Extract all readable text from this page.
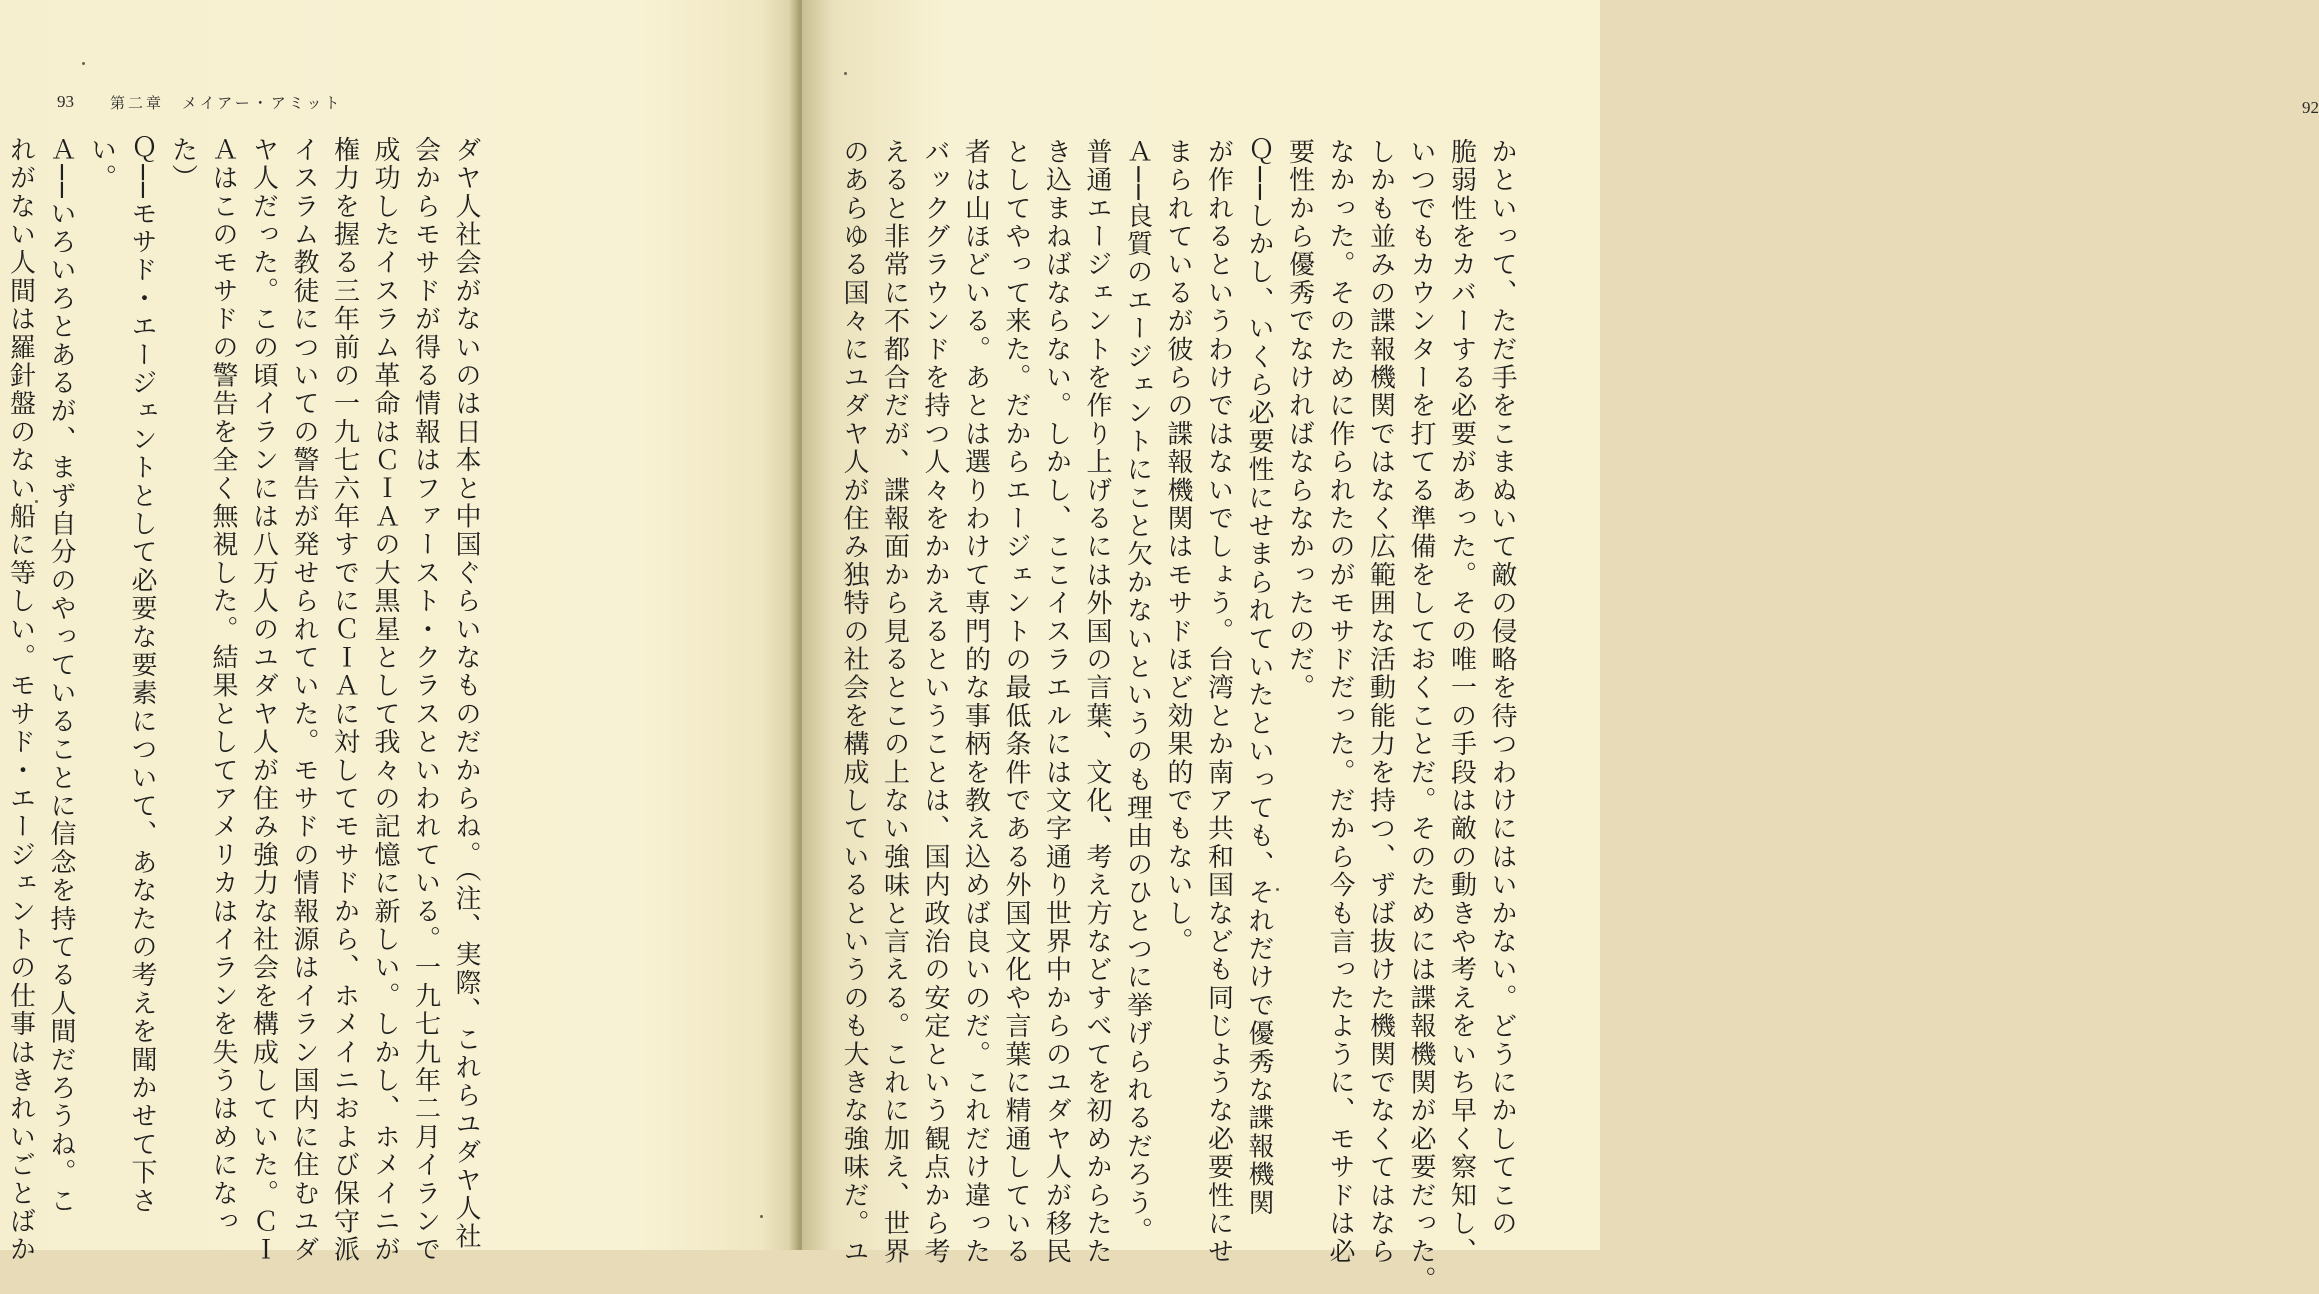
93 第二章　メイアー・アミット
ダヤ人社会がないのは日本と中国ぐらいなものだからね。（注、実際、これらユダヤ人社
会からモサドが得る情報はファースト・クラスといわれている。一九七九年二月イランで
成功したイスラム革命はＣＩＡの大黒星として我々の記憶に新しい。しかし、ホメイニが
権力を握る三年前の一九七六年すでにＣＩＡに対してモサドから、ホメイニおよび保守派
イスラム教徒についての警告が発せられていた。モサドの情報源はイラン国内に住むユダ
ヤ人だった。この頃イランには八万人のユダヤ人が住み強力な社会を構成していた。ＣＩ
Ａはこのモサドの警告を全く無視した。結果としてアメリカはイランを失うはめになっ
た）
Ｑ──モサド・エージェントとして必要な要素について、あなたの考えを聞かせて下さ
い。
Ａ──いろいろとあるが、まず自分のやっていることに信念を持てる人間だろうね。こ
れがない人間は羅針盤のない船に等しい。モサド・エージェントの仕事はきれいごとばか
92
かといって、ただ手をこまぬいて敵の侵略を待つわけにはいかない。どうにかしてこの
脆弱性をカバーする必要があった。その唯一の手段は敵の動きや考えをいち早く察知し、
いつでもカウンターを打てる準備をしておくことだ。そのためには諜報機関が必要だった。
しかも並みの諜報機関ではなく広範囲な活動能力を持つ、ずば抜けた機関でなくてはなら
なかった。そのために作られたのがモサドだった。だから今も言ったように、モサドは必
要性から優秀でなければならなかったのだ。
Ｑ──しかし、いくら必要性にせまられていたといっても、それだけで優秀な諜報機関
が作れるというわけではないでしょう。台湾とか南ア共和国なども同じような必要性にせ
まられているが彼らの諜報機関はモサドほど効果的でもないし。
Ａ──良質のエージェントにこと欠かないというのも理由のひとつに挙げられるだろう。
普通エージェントを作り上げるには外国の言葉、文化、考え方などすべてを初めからたた
き込まねばならない。しかし、ここイスラエルには文字通り世界中からのユダヤ人が移民
としてやって来た。だからエージェントの最低条件である外国文化や言葉に精通している
者は山ほどいる。あとは選りわけて専門的な事柄を教え込めば良いのだ。これだけ違った
バックグラウンドを持つ人々をかかえるということは、国内政治の安定という観点から考
えると非常に不都合だが、諜報面から見るとこの上ない強味と言える。これに加え、世界
のあらゆる国々にユダヤ人が住み独特の社会を構成しているというのも大きな強味だ。ユ
